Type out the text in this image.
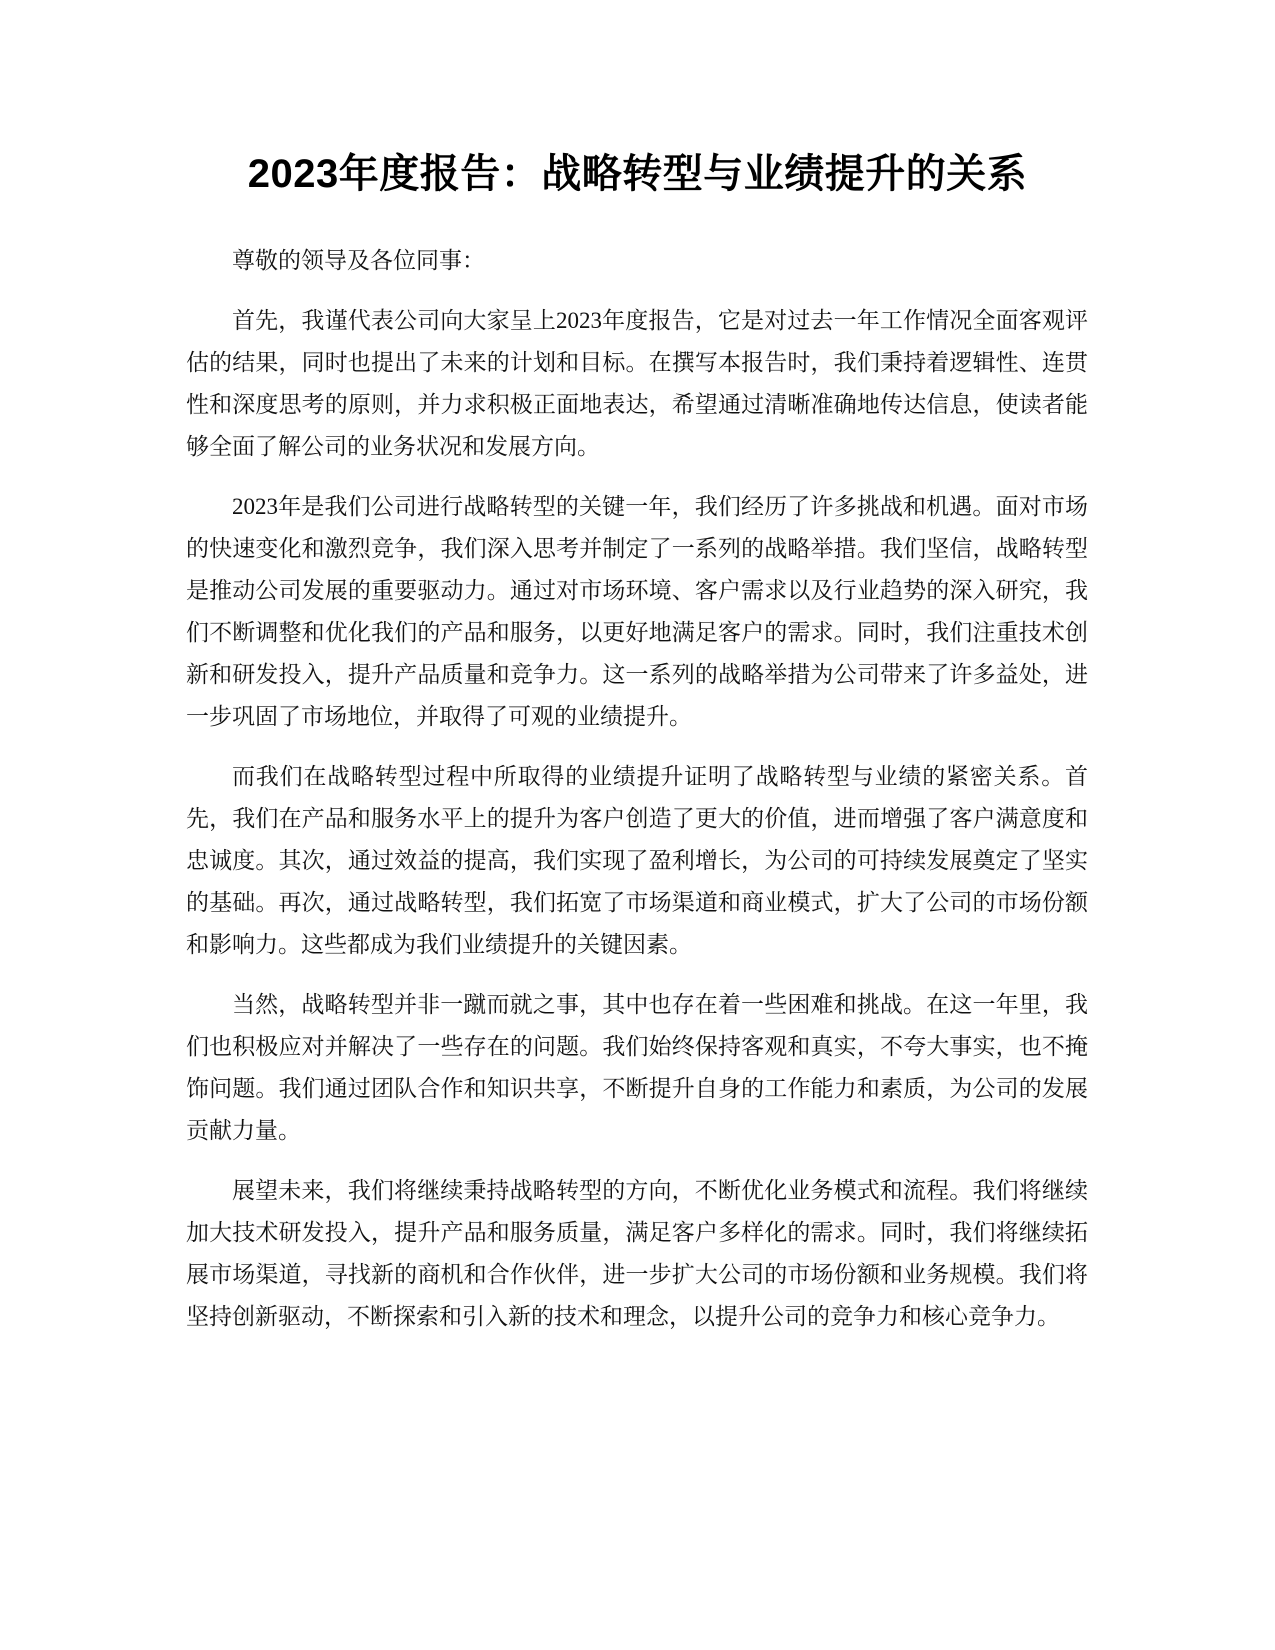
2023年度报告：战略转型与业绩提升的关系

尊敬的领导及各位同事：

首先，我谨代表公司向大家呈上2023年度报告，它是对过去一年工作情况全面客观评估的结果，同时也提出了未来的计划和目标。在撰写本报告时，我们秉持着逻辑性、连贯性和深度思考的原则，并力求积极正面地表达，希望通过清晰准确地传达信息，使读者能够全面了解公司的业务状况和发展方向。

2023年是我们公司进行战略转型的关键一年，我们经历了许多挑战和机遇。面对市场的快速变化和激烈竞争，我们深入思考并制定了一系列的战略举措。我们坚信，战略转型是推动公司发展的重要驱动力。通过对市场环境、客户需求以及行业趋势的深入研究，我们不断调整和优化我们的产品和服务，以更好地满足客户的需求。同时，我们注重技术创新和研发投入，提升产品质量和竞争力。这一系列的战略举措为公司带来了许多益处，进一步巩固了市场地位，并取得了可观的业绩提升。

而我们在战略转型过程中所取得的业绩提升证明了战略转型与业绩的紧密关系。首先，我们在产品和服务水平上的提升为客户创造了更大的价值，进而增强了客户满意度和忠诚度。其次，通过效益的提高，我们实现了盈利增长，为公司的可持续发展奠定了坚实的基础。再次，通过战略转型，我们拓宽了市场渠道和商业模式，扩大了公司的市场份额和影响力。这些都成为我们业绩提升的关键因素。

当然，战略转型并非一蹴而就之事，其中也存在着一些困难和挑战。在这一年里，我们也积极应对并解决了一些存在的问题。我们始终保持客观和真实，不夸大事实，也不掩饰问题。我们通过团队合作和知识共享，不断提升自身的工作能力和素质，为公司的发展贡献力量。

展望未来，我们将继续秉持战略转型的方向，不断优化业务模式和流程。我们将继续加大技术研发投入，提升产品和服务质量，满足客户多样化的需求。同时，我们将继续拓展市场渠道，寻找新的商机和合作伙伴，进一步扩大公司的市场份额和业务规模。我们将坚持创新驱动，不断探索和引入新的技术和理念，以提升公司的竞争力和核心竞争力。
